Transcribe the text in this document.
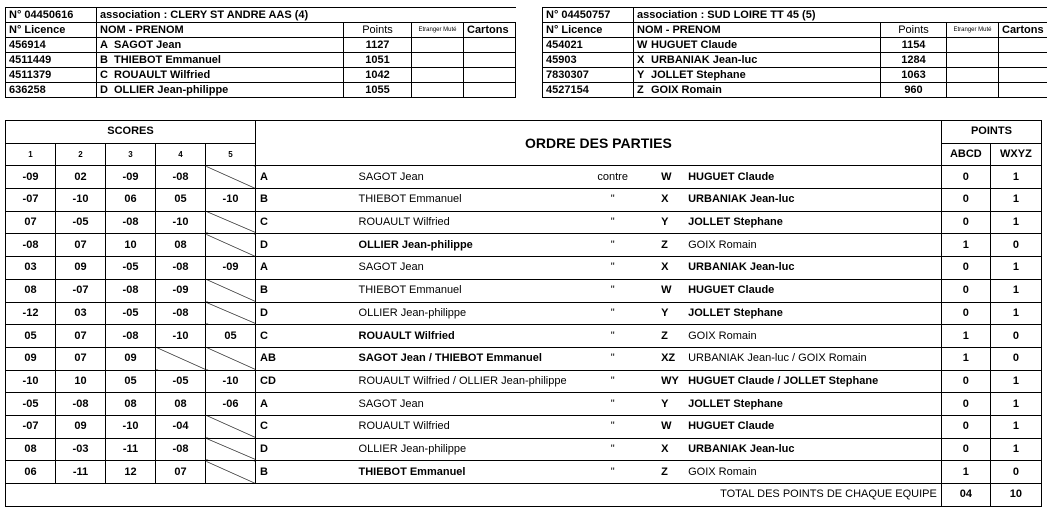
N° 04450616	association : CLERY ST ANDRE AAS (4)			
N° Licence	NOM - PRENOM	Points	Etranger Muté	Cartons
456914	A SAGOT Jean	1127		
4511449	B THIEBOT Emmanuel	1051		
4511379	C ROUAULT Wilfried	1042		
636258	D OLLIER Jean-philippe	1055		
N° 04450757	association : SUD LOIRE TT 45 (5)			
N° Licence	NOM - PRENOM	Points	Etranger Muté	Cartons
454021	W HUGUET Claude	1154		
45903	X URBANIAK Jean-luc	1284		
7830307	Y JOLLET Stephane	1063		
4527154	Z GOIX Romain	960		
SCORES					ORDRE DES PARTIES					POINTS	
1	2	3	4	5						ABCD	WXYZ
-09	02	-09	-08		A	SAGOT Jean	contre	W	HUGUET Claude	0	1
-07	-10	06	05	-10	B	THIEBOT Emmanuel	"	X	URBANIAK Jean-luc	0	1
07	-05	-08	-10		C	ROUAULT Wilfried	"	Y	JOLLET Stephane	0	1
-08	07	10	08		D	OLLIER Jean-philippe	"	Z	GOIX Romain	1	0
03	09	-05	-08	-09	A	SAGOT Jean	"	X	URBANIAK Jean-luc	0	1
08	-07	-08	-09		B	THIEBOT Emmanuel	"	W	HUGUET Claude	0	1
-12	03	-05	-08		D	OLLIER Jean-philippe	"	Y	JOLLET Stephane	0	1
05	07	-08	-10	05	C	ROUAULT Wilfried	"	Z	GOIX Romain	1	0
09	07	09			AB	SAGOT Jean / THIEBOT Emmanuel	"	XZ	URBANIAK Jean-luc / GOIX Romain	1	0
-10	10	05	-05	-10	CD	ROUAULT Wilfried / OLLIER Jean-philippe	"	WY	HUGUET Claude / JOLLET Stephane	0	1
-05	-08	08	08	-06	A	SAGOT Jean	"	Y	JOLLET Stephane	0	1
-07	09	-10	-04		C	ROUAULT Wilfried	"	W	HUGUET Claude	0	1
08	-03	-11	-08		D	OLLIER Jean-philippe	"	X	URBANIAK Jean-luc	0	1
06	-11	12	07		B	THIEBOT Emmanuel	"	Z	GOIX Romain	1	0
TOTAL DES POINTS DE CHAQUE EQUIPE										04	10
